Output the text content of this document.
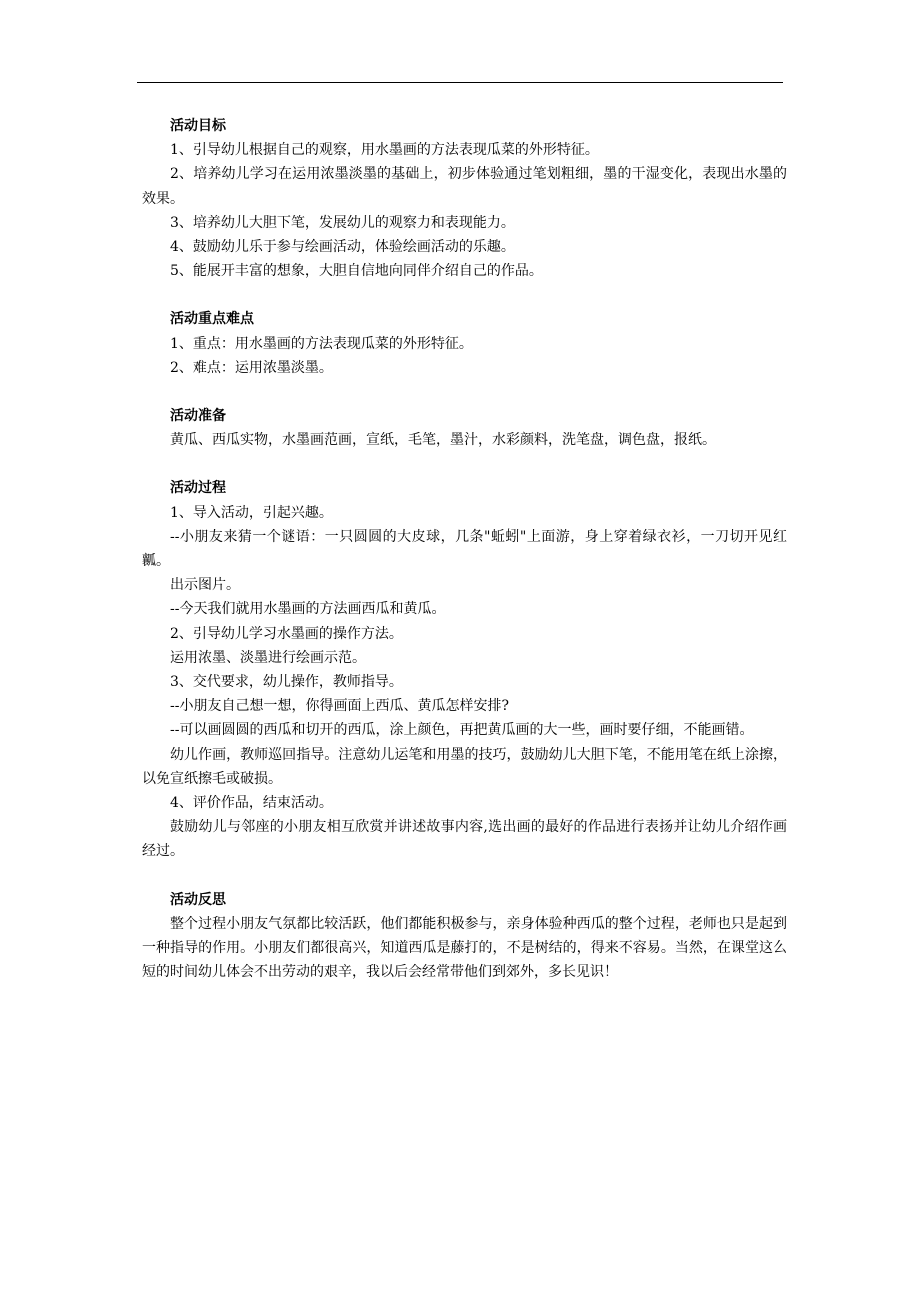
活动目标

1、引导幼儿根据自己的观察，用水墨画的方法表现瓜菜的外形特征。

2、培养幼儿学习在运用浓墨淡墨的基础上，初步体验通过笔划粗细，墨的干湿变化，表现出水墨的效果。

3、培养幼儿大胆下笔，发展幼儿的观察力和表现能力。

4、鼓励幼儿乐于参与绘画活动，体验绘画活动的乐趣。

5、能展开丰富的想象，大胆自信地向同伴介绍自己的作品。

活动重点难点

1、重点：用水墨画的方法表现瓜菜的外形特征。

2、难点：运用浓墨淡墨。

活动准备

黄瓜、西瓜实物，水墨画范画，宣纸，毛笔，墨汁，水彩颜料，洗笔盘，调色盘，报纸。

活动过程

1、导入活动，引起兴趣。

--小朋友来猜一个谜语：一只圆圆的大皮球，几条"蚯蚓"上面游，身上穿着绿衣衫，一刀切开见红瓤。

出示图片。

--今天我们就用水墨画的方法画西瓜和黄瓜。

2、引导幼儿学习水墨画的操作方法。

运用浓墨、淡墨进行绘画示范。

3、交代要求，幼儿操作，教师指导。

--小朋友自己想一想，你得画面上西瓜、黄瓜怎样安排?

--可以画圆圆的西瓜和切开的西瓜，涂上颜色，再把黄瓜画的大一些，画时要仔细，不能画错。

幼儿作画，教师巡回指导。注意幼儿运笔和用墨的技巧，鼓励幼儿大胆下笔，不能用笔在纸上涂擦，以免宣纸擦毛或破损。

4、评价作品，结束活动。

鼓励幼儿与邻座的小朋友相互欣赏并讲述故事内容,选出画的最好的作品进行表扬并让幼儿介绍作画经过。

活动反思

整个过程小朋友气氛都比较活跃，他们都能积极参与，亲身体验种西瓜的整个过程，老师也只是起到一种指导的作用。小朋友们都很高兴，知道西瓜是藤打的，不是树结的，得来不容易。当然，在课堂这么短的时间幼儿体会不出劳动的艰辛，我以后会经常带他们到郊外，多长见识！
